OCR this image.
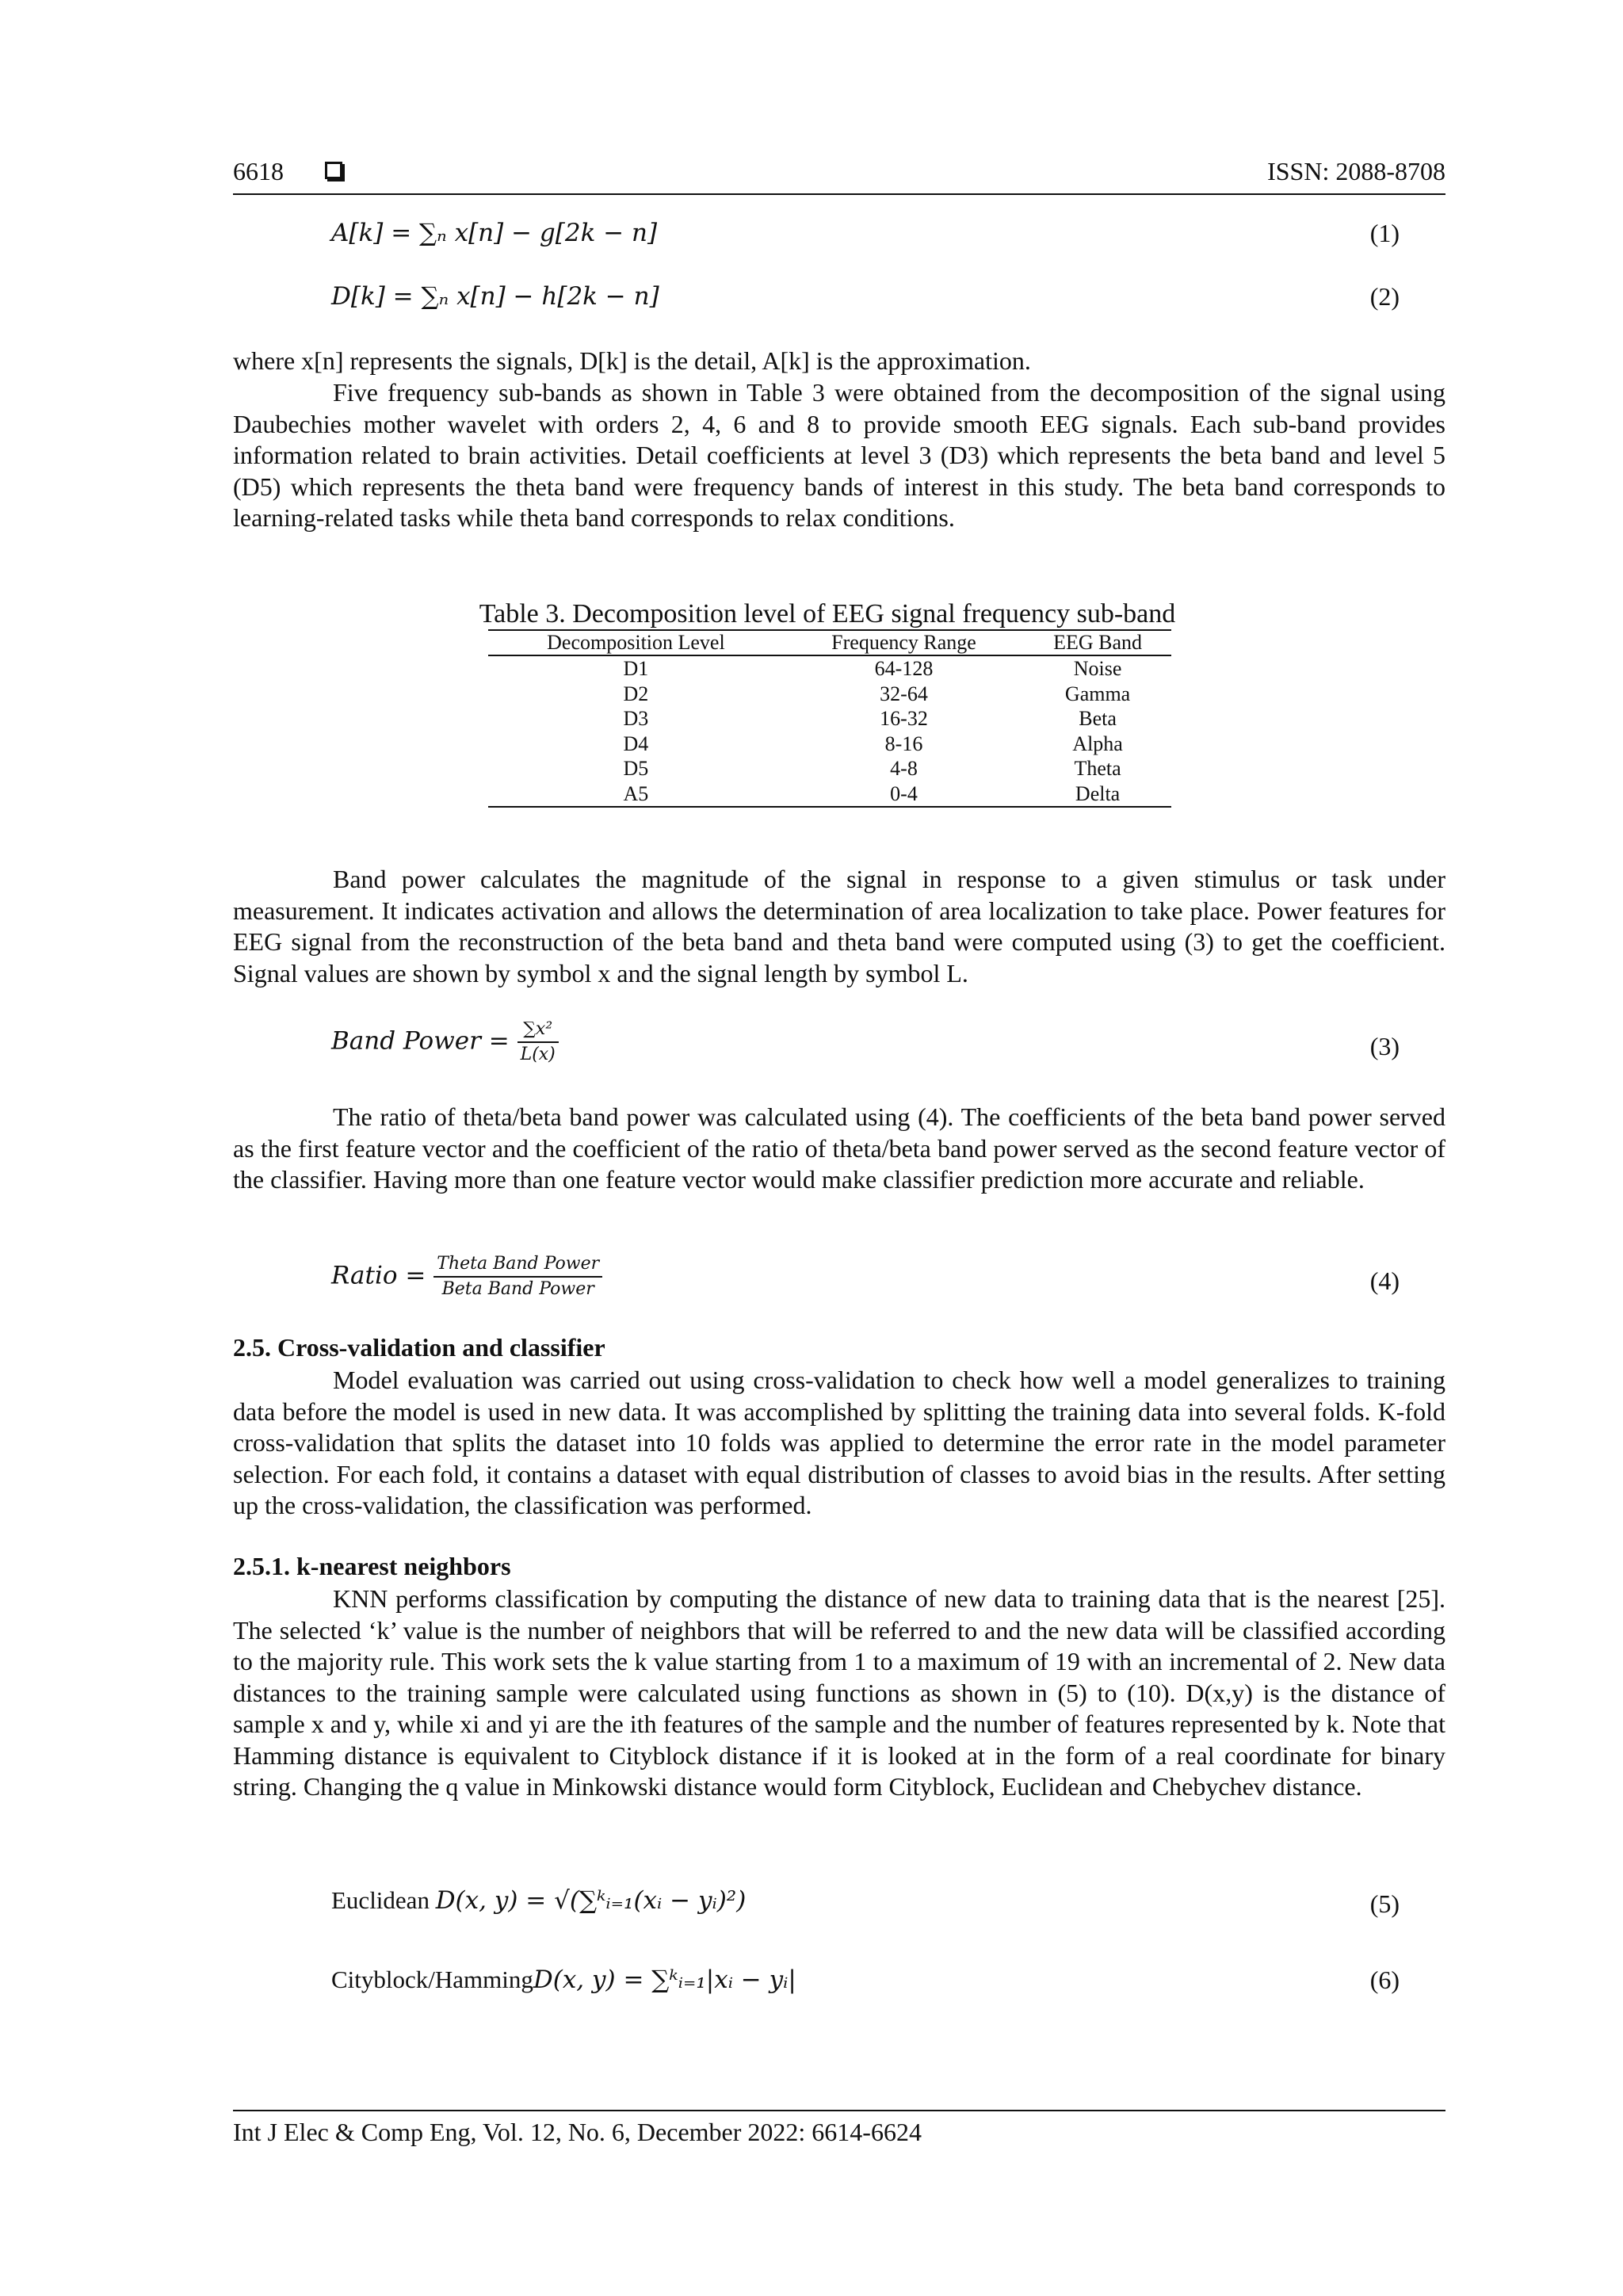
6618	ISSN: 2088-8708
A[k] = ∑ₙ x[n] − g[2k − n]	(1)
D[k] = ∑ₙ x[n] − h[2k − n]	(2)

where x[n] represents the signals, D[k] is the detail, A[k] is the approximation.

Five frequency sub-bands as shown in Table 3 were obtained from the decomposition of the signal using Daubechies mother wavelet with orders 2, 4, 6 and 8 to provide smooth EEG signals. Each sub-band provides information related to brain activities. Detail coefficients at level 3 (D3) which represents the beta band and level 5 (D5) which represents the theta band were frequency bands of interest in this study. The beta band corresponds to learning-related tasks while theta band corresponds to relax conditions.

Table 3. Decomposition level of EEG signal frequency sub-band
Decomposition Level	Frequency Range	EEG Band
D1	64-128	Noise
D2	32-64	Gamma
D3	16-32	Beta
D4	8-16	Alpha
D5	4-8	Theta
A5	0-4	Delta

Band power calculates the magnitude of the signal in response to a given stimulus or task under measurement. It indicates activation and allows the determination of area localization to take place. Power features for EEG signal from the reconstruction of the beta band and theta band were computed using (3) to get the coefficient. Signal values are shown by symbol x and the signal length by symbol L.

Band Power = $\frac{\text{∑x²}}{L(x)}$	(3)

The ratio of theta/beta band power was calculated using (4). The coefficients of the beta band power served as the first feature vector and the coefficient of the ratio of theta/beta band power served as the second feature vector of the classifier. Having more than one feature vector would make classifier prediction more accurate and reliable.

Ratio = $\frac{\text{Theta Band Power}}{\text{Beta Band Power}}$	(4)
2.5. Cross-validation and classifier

Model evaluation was carried out using cross-validation to check how well a model generalizes to training data before the model is used in new data. It was accomplished by splitting the training data into several folds. K-fold cross-validation that splits the dataset into 10 folds was applied to determine the error rate in the model parameter selection. For each fold, it contains a dataset with equal distribution of classes to avoid bias in the results. After setting up the cross-validation, the classification was performed.

2.5.1. k-nearest neighbors

KNN performs classification by computing the distance of new data to training data that is the nearest [25]. The selected ‘k’ value is the number of neighbors that will be referred to and the new data will be classified according to the majority rule. This work sets the k value starting from 1 to a maximum of 19 with an incremental of 2. New data distances to the training sample were calculated using functions as shown in (5) to (10). D(x,y) is the distance of sample x and y, while xi and yi are the ith features of the sample and the number of features represented by k. Note that Hamming distance is equivalent to Cityblock distance if it is looked at in the form of a real coordinate for binary string. Changing the q value in Minkowski distance would form Cityblock, Euclidean and Chebychev distance.

Euclidean D(x, y) = √(∑ᵏᵢ₌₁(xᵢ − yᵢ)²)	(5)
Cityblock/HammingD(x, y) = ∑ᵏᵢ₌₁|xᵢ − yᵢ|	(6)
Int J Elec & Comp Eng, Vol. 12, No. 6, December 2022: 6614-6624
